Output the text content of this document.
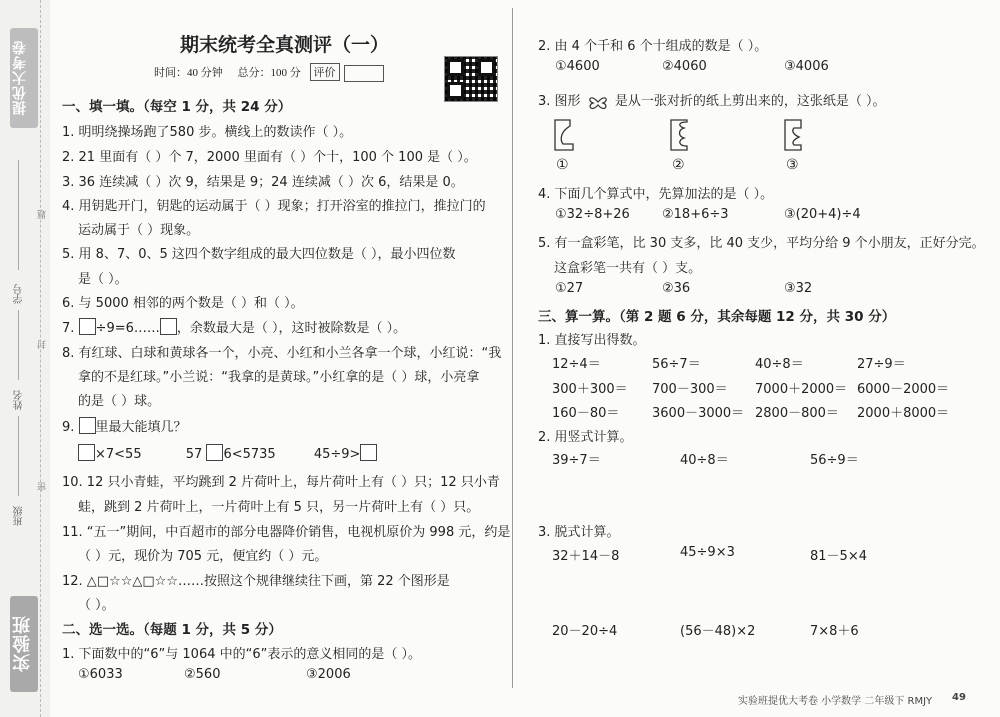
提优大考卷
学号
姓名
班级
题
封
密
实验班
期末统考全真测评（一）
时间：40 分钟 总分：100 分 评价
一、填一填。（每空 1 分，共 24 分）
1. 明明绕操场跑了580 步。横线上的数读作（ ）。
2. 21 里面有（ ）个 7，2000 里面有（ ）个十，100 个 100 是（ ）。
3. 36 连续减（ ）次 9，结果是 9；24 连续减（ ）次 6，结果是 0。
4. 用钥匙开门，钥匙的运动属于（ ）现象；打开浴室的推拉门，推拉门的
运动属于（ ）现象。
5. 用 8、7、0、5 这四个数字组成的最大四位数是（ ），最小四位数
是（ ）。
6. 与 5000 相邻的两个数是（ ）和（ ）。
7. ÷9=6…… ，余数最大是（ ），这时被除数是（ ）。
8. 有红球、白球和黄球各一个，小亮、小红和小兰各拿一个球，小红说：“我
拿的不是红球。”小兰说：“我拿的是黄球。”小红拿的是（ ）球，小亮拿
的是（ ）球。
9. 里最大能填几？
×7<55	57 6<5735	45÷9>
10. 12 只小青蛙，平均跳到 2 片荷叶上，每片荷叶上有（ ）只；12 只小青
蛙，跳到 2 片荷叶上，一片荷叶上有 5 只，另一片荷叶上有（ ）只。
11. “五一”期间，中百超市的部分电器降价销售，电视机原价为 998 元，约是
（ ）元，现价为 705 元，便宜约（ ）元。
12. △□☆☆△□☆☆……按照这个规律继续往下画，第 22 个图形是
（ ）。
二、选一选。（每题 1 分，共 5 分）
1. 下面数中的“6”与 1064 中的“6”表示的意义相同的是（ ）。
①6033	②560	③2006
2. 由 4 个千和 6 个十组成的数是（ ）。
①4600	②4060	③4006
3. 图形	是从一张对折的纸上剪出来的，这张纸是（ ）。
①	②	③
4. 下面几个算式中，先算加法的是（ ）。
①32÷8+26 ②18+6÷3	③(20+4)÷4
5. 有一盒彩笔，比 30 支多，比 40 支少，平均分给 9 个小朋友，正好分完。
这盒彩笔一共有（ ）支。
①27	②36	③32
三、算一算。（第 2 题 6 分，其余每题 12 分，共 30 分）
1. 直接写出得数。
12÷4＝	56÷7＝	40÷8＝	27÷9＝
300＋300＝ 700－300＝ 7000＋2000＝ 6000－2000＝
160－80＝	3600－3000＝ 2800－800＝ 2000＋8000＝
2. 用竖式计算。
39÷7＝	40÷8＝	56÷9＝
3. 脱式计算。
32＋14－8	45÷9×3	81－5×4
20－20÷4	(56－48)×2	7×8＋6
实验班提优大考卷 小学数学 二年级下 RMJY 49
